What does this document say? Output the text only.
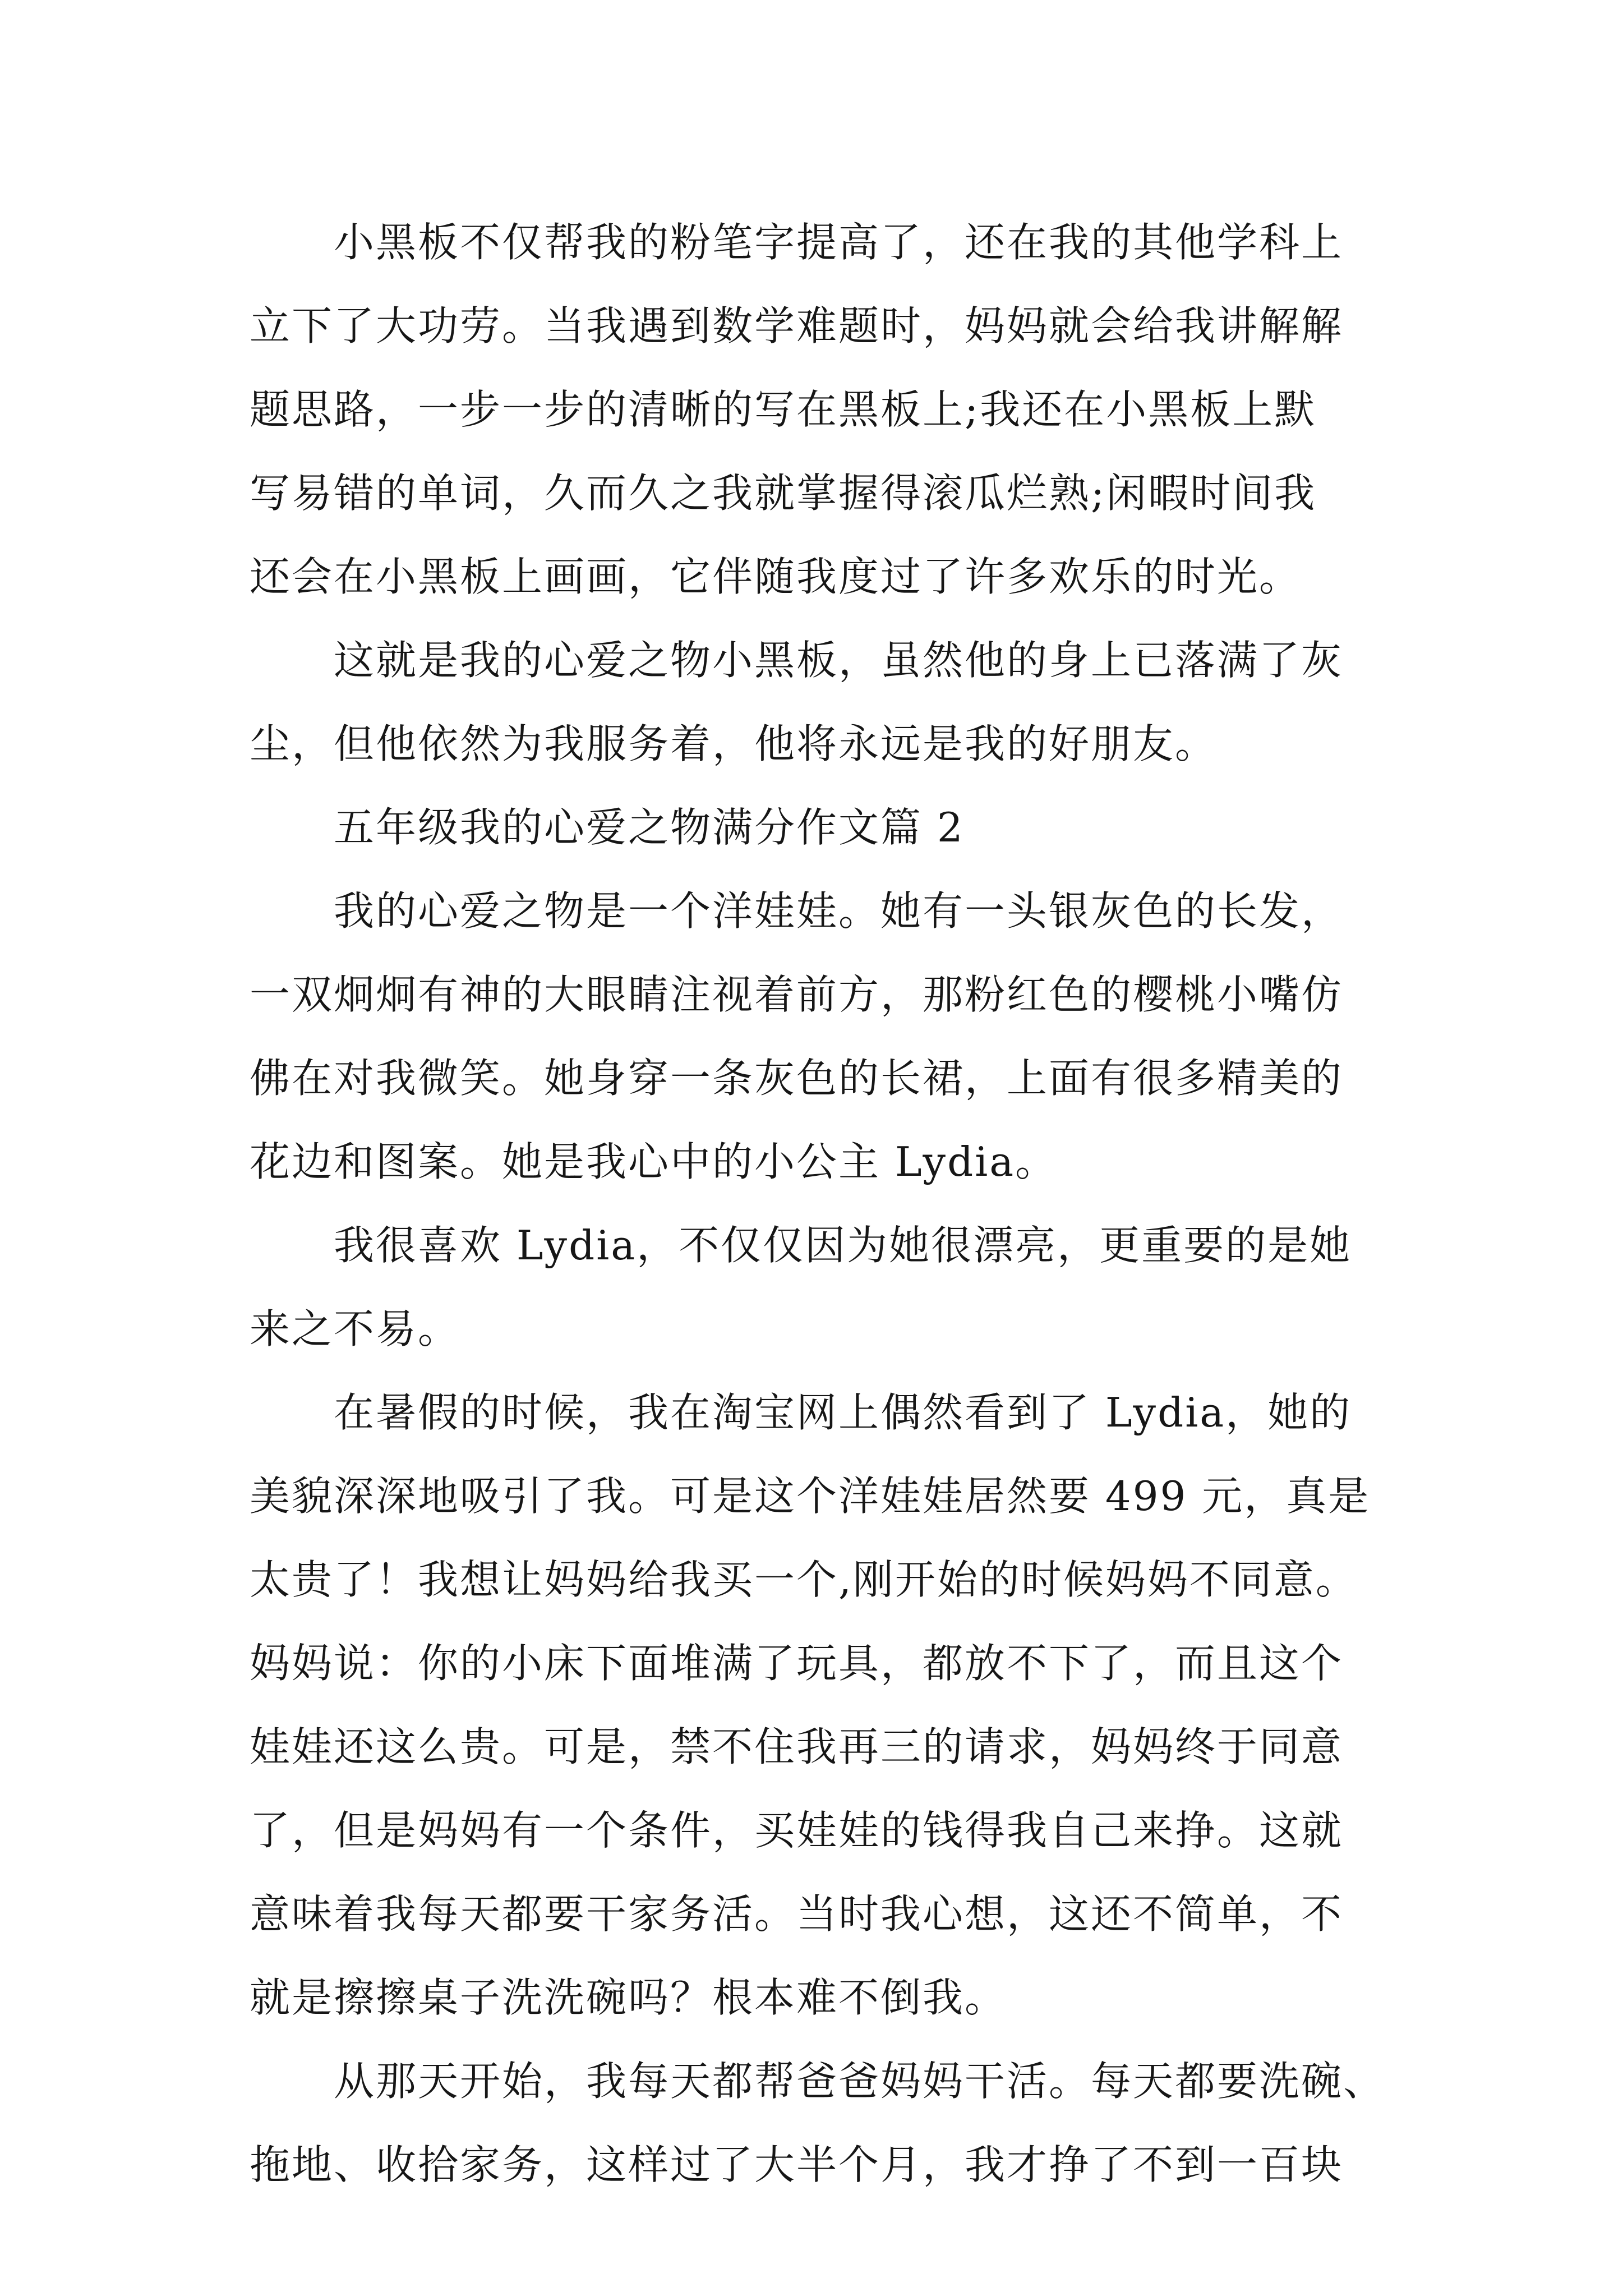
小黑板不仅帮我的粉笔字提高了，还在我的其他学科上
立下了大功劳。当我遇到数学难题时，妈妈就会给我讲解解
题思路，一步一步的清晰的写在黑板上;我还在小黑板上默
写易错的单词，久而久之我就掌握得滚瓜烂熟;闲暇时间我
还会在小黑板上画画，它伴随我度过了许多欢乐的时光。
这就是我的心爱之物小黑板，虽然他的身上已落满了灰
尘，但他依然为我服务着，他将永远是我的好朋友。
五年级我的心爱之物满分作文篇 2
我的心爱之物是一个洋娃娃。她有一头银灰色的长发，
一双炯炯有神的大眼睛注视着前方，那粉红色的樱桃小嘴仿
佛在对我微笑。她身穿一条灰色的长裙，上面有很多精美的
花边和图案。她是我心中的小公主 Lydia。
我很喜欢 Lydia，不仅仅因为她很漂亮，更重要的是她
来之不易。
在暑假的时候，我在淘宝网上偶然看到了 Lydia，她的
美貌深深地吸引了我。可是这个洋娃娃居然要 499 元，真是
太贵了！我想让妈妈给我买一个,刚开始的时候妈妈不同意。
妈妈说：你的小床下面堆满了玩具，都放不下了，而且这个
娃娃还这么贵。可是，禁不住我再三的请求，妈妈终于同意
了，但是妈妈有一个条件，买娃娃的钱得我自己来挣。这就
意味着我每天都要干家务活。当时我心想，这还不简单，不
就是擦擦桌子洗洗碗吗？根本难不倒我。
从那天开始，我每天都帮爸爸妈妈干活。每天都要洗碗、
拖地、收拾家务，这样过了大半个月，我才挣了不到一百块
